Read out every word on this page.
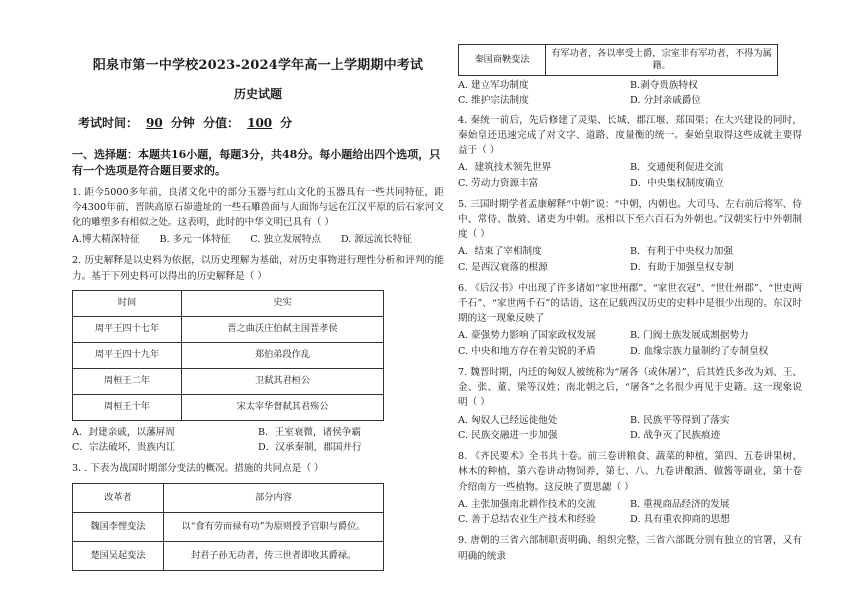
阳泉市第一中学校2023-2024学年高一上学期期中考试
历史试题
考试时间： 90 分钟 分值： 100 分
一、选择题：本题共16小题，每题3分，共48分。每小题给出四个选项，只有一个选项是符合题目要求的。

1. 距今5000多年前，良渚文化中的部分玉器与红山文化的玉器具有一些共同特征，距今4300年前，晋陕高原石峁遗址的一些石雕兽面与人面饰与远在江汉平原的后石家河文化的雕塑多有相似之处。这表明，此时的中华文明已具有（ ）

A.博大精深特征 B. 多元一体特征 C. 独立发展特点 D. 源远流长特征

2. 历史解释是以史料为依据，以历史理解为基础，对历史事物进行理性分析和评判的能力。基于下列史料可以得出的历史解释是（ ）

时间	史实
周平王四十七年	晋之曲沃庄伯弑主国晋孝侯
周平王四十九年	郑伯弟段作乱
周桓王二年	卫弑其君桓公
周桓王十年	宋太宰华督弑其君殇公
A．封建亲戚，以藩屏周	B．王室衰微，诸侯争霸
C．宗法破坏，贵族内讧	D．汉承秦制，郡国并行

3. . 下表为战国时期部分变法的概况。措施的共同点是（ ）

改革者	部分内容
魏国李悝变法	以“食有劳而禄有功”为原则授予官职与爵位。
楚国吴起变法	封君子孙无功者，传三世者即收其爵禄。
秦国商鞅变法	有军功者，各以率受上爵，宗室非有军功者，不得为属籍。
A. 建立军功制度	B.剥夺贵族特权
C. 维护宗法制度	D. 分封亲戚爵位

4. 秦统一前后，先后修建了灵渠、长城、郡江堰、郑国渠；在大兴建设的同时，秦始皇还迅速完成了对文字、道路、度量衡的统一。秦始皇取得这些成就主要得益于（ ）

A．建筑技术领先世界	B．交通便利促进交流
C. 劳动力资源丰富	D．中央集权制度确立

5. 三国时期学者孟康解释“中朝”说：“中朝，内朝也。大司马、左右前后将军、侍中、常侍、散骑、诸吏为中朝。丞相以下至六百石为外朝也。”汉朝实行中外朝制度（ ）

A．结束了宰相制度	B．有利于中央权力加强
C. 是西汉衰落的根源	D．有助于加强皇权专制

6. 《后汉书》中出现了许多诸如“家世州郡”、“家世衣冠”、“世仕州郡”、“世吏两千石”、“家世两千石”的话语，这在记载西汉历史的史料中是很少出现的。东汉时期的这一现象反映了

A. 豪强势力影响了国家政权发展	B. 门阀士族发展成割据势力
C. 中央和地方存在着尖锐的矛盾	D. 血缘宗族力量制约了专制皇权

7. 魏晋时期，内迁的匈奴人被统称为“屠各（或休屠）”，后其姓氏多改为刘、王、金、张、董、梁等汉姓；南北朝之后，“屠各”之名很少再见于史籍。这一现象说明（ ）

A. 匈奴人已经远徙他处	B. 民族平等得到了落实
C. 民族交融进一步加强	D. 战争灭了民族痕迹

8. 《齐民要术》全书共十卷。前三卷讲粮食、蔬菜的种植，第四、五卷讲果树、林木的种植，第六卷讲动物饲养，第七、八、九卷讲酿酒、做酱等副业，第十卷介绍南方一些植物。这反映了贾思勰（ ）

A. 主张加强南北耕作技术的交流	B. 重视商品经济的发展
C. 善于总结农业生产技术和经验	D. 具有重农抑商的思想

9. 唐朝的三省六部制职责明确、组织完整，三省六部既分别有独立的官署，又有明确的统隶
